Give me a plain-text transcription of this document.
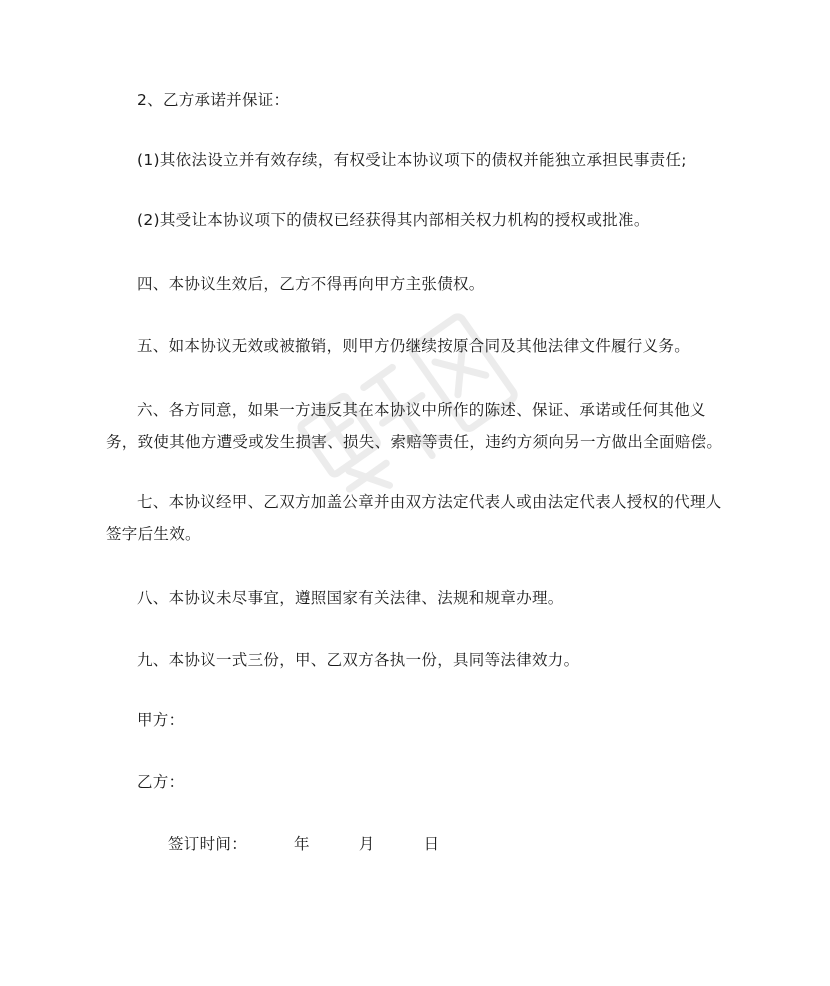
2、乙方承诺并保证：

(1)其依法设立并有效存续，有权受让本协议项下的债权并能独立承担民事责任;

(2)其受让本协议项下的债权已经获得其内部相关权力机构的授权或批准。

四、本协议生效后，乙方不得再向甲方主张债权。

五、如本协议无效或被撤销，则甲方仍继续按原合同及其他法律文件履行义务。

六、各方同意，如果一方违反其在本协议中所作的陈述、保证、承诺或任何其他义务，致使其他方遭受或发生损害、损失、索赔等责任，违约方须向另一方做出全面赔偿。

七、本协议经甲、乙双方加盖公章并由双方法定代表人或由法定代表人授权的代理人签字后生效。

八、本协议未尽事宜，遵照国家有关法律、法规和规章办理。

九、本协议一式三份，甲、乙双方各执一份，具同等法律效力。

甲方：

乙方：

签订时间：	年	月	日
